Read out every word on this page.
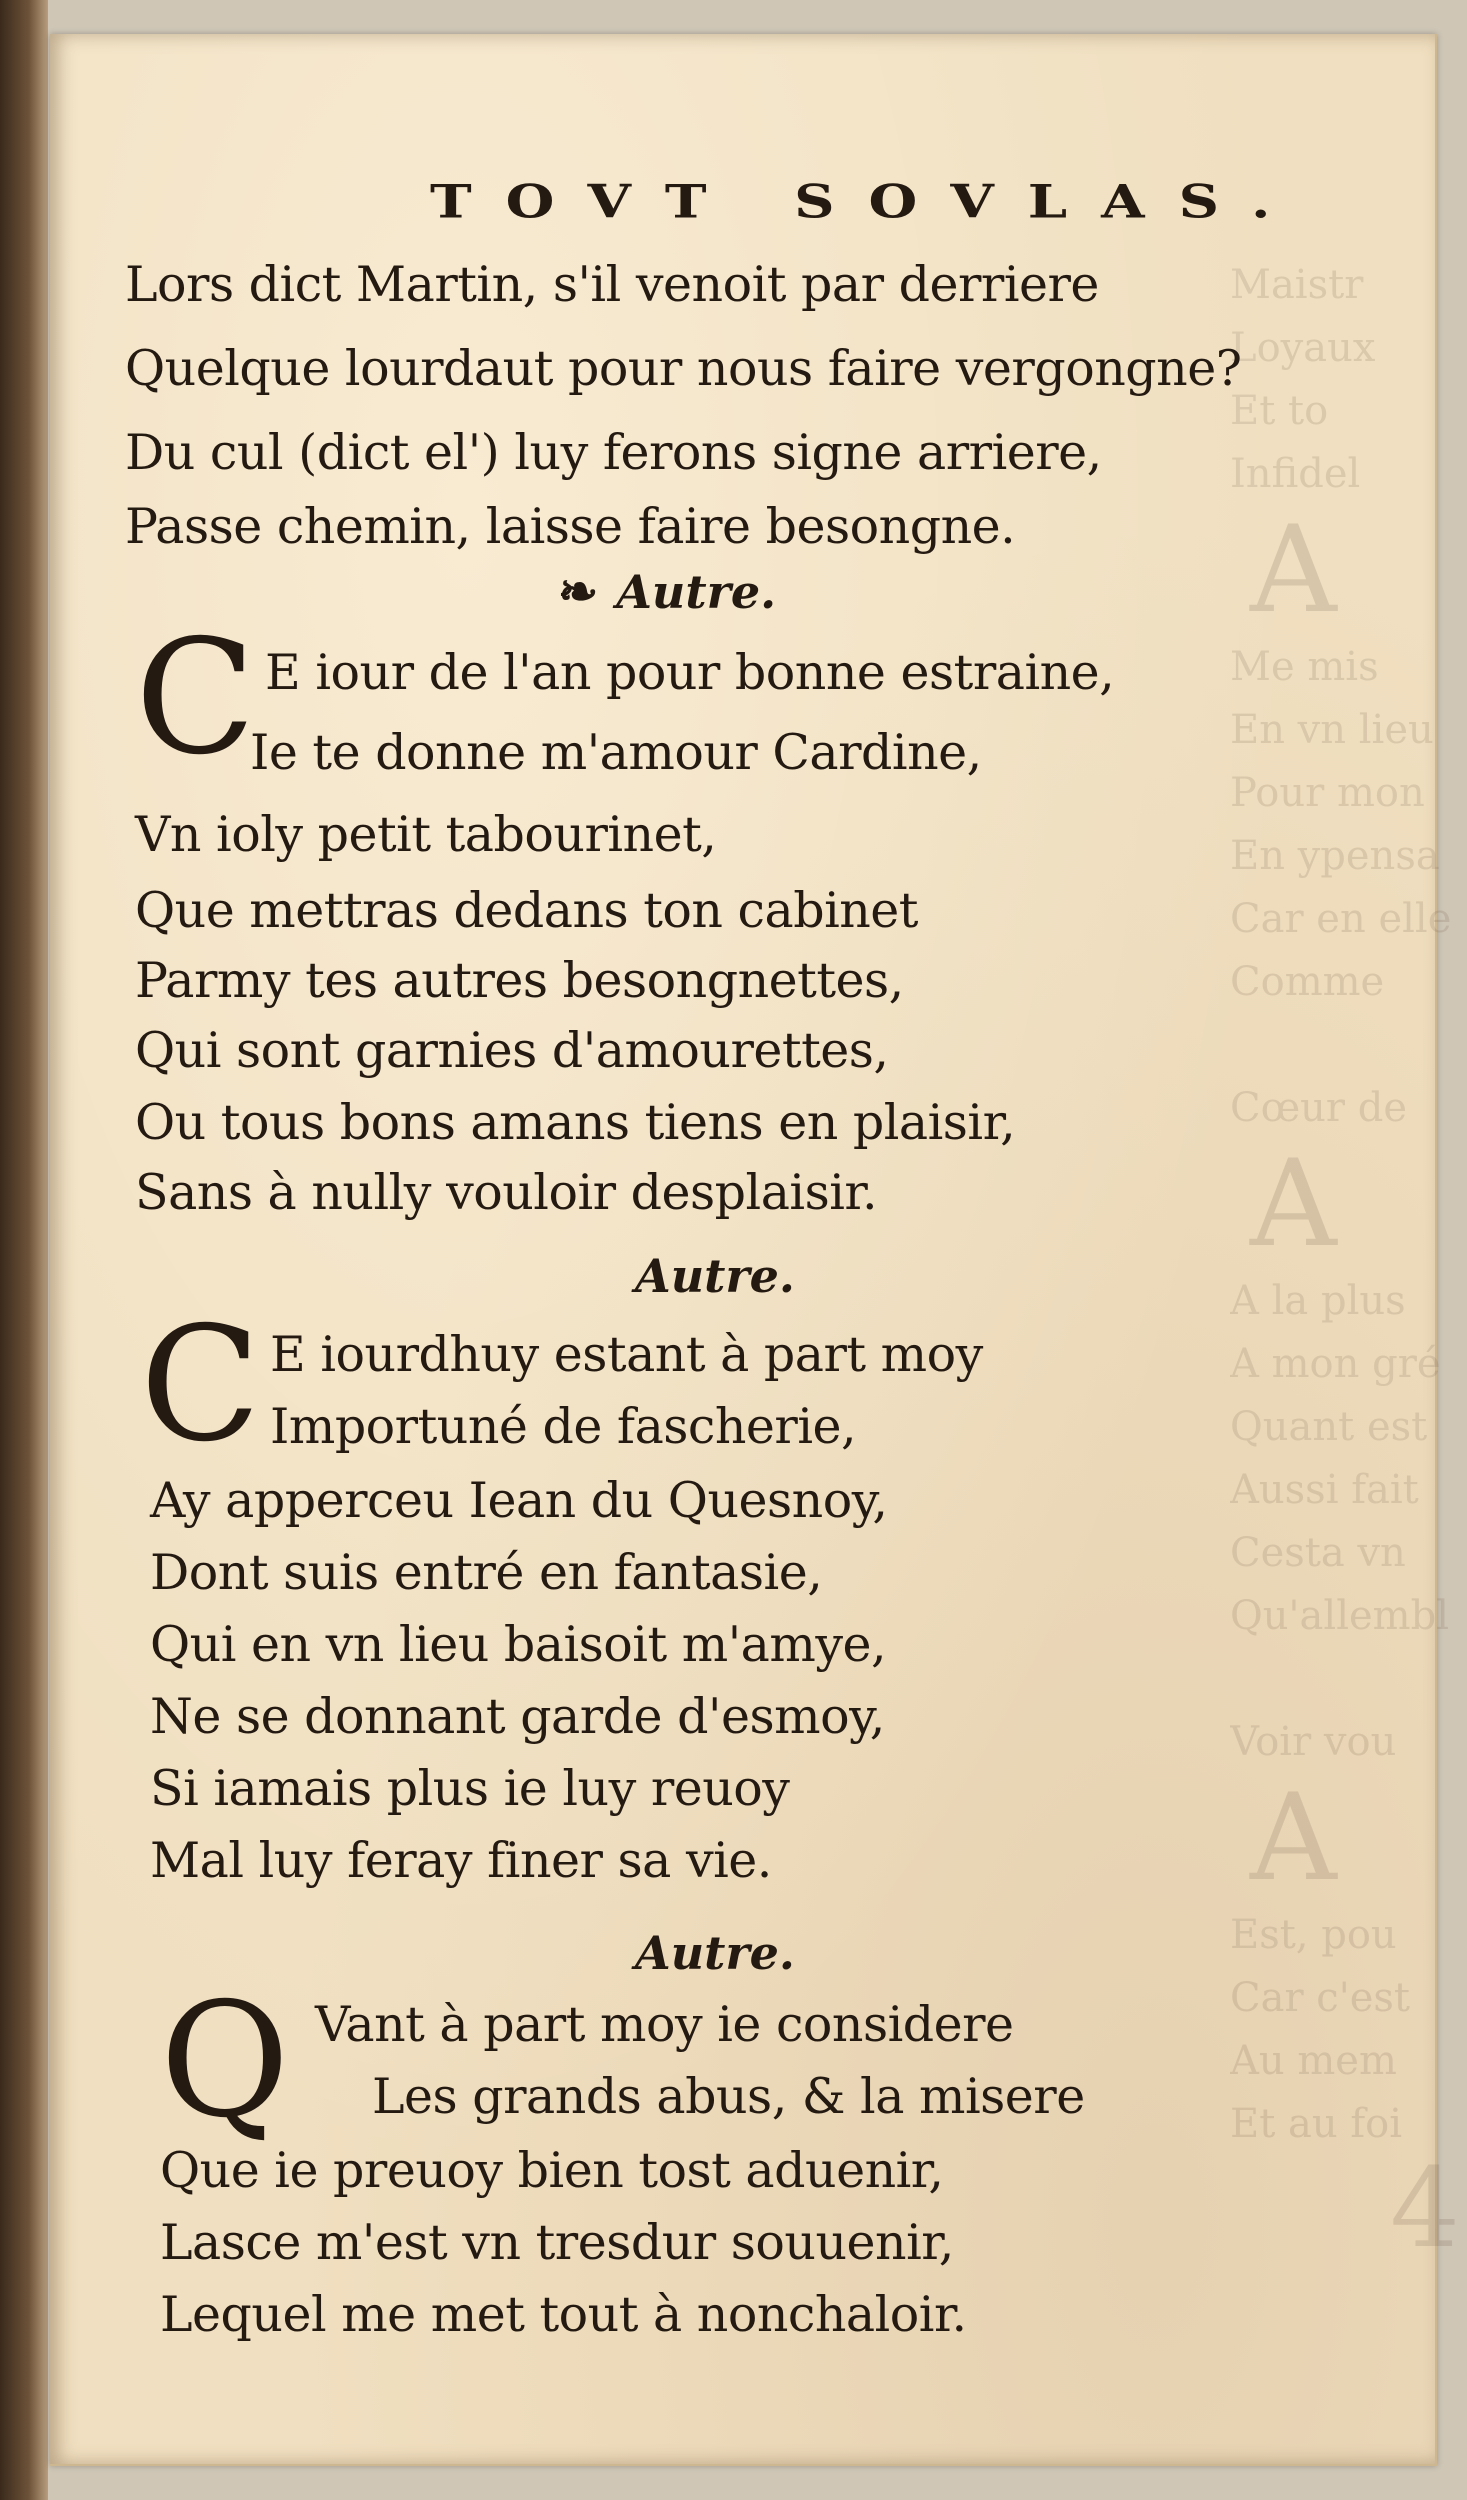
Maistr
Loyaux
Et to
Infidel
A
Me mis
En vn lieu
Pour mon
En ypensa
Car en elle
Comme

Cœur de
A
A la plus
A mon gré
Quant est
Aussi fait
Cesta vn
Qu'allembl

Voir vou
A
Est, pou
Car c'est
Au mem
Et au foi
4
TOVT SOVLAS.
Lors dict Martin, s'il venoit par derriere
Quelque lourdaut pour nous faire vergongne?
Du cul (dict el') luy ferons signe arriere,
Passe chemin, laisse faire besongne.
❧ Autre.
C E iour de l'an pour bonne estraine,
Ie te donne m'amour Cardine,
Vn ioly petit tabourinet,
Que mettras dedans ton cabinet
Parmy tes autres besongnettes,
Qui sont garnies d'amourettes,
Ou tous bons amans tiens en plaisir,
Sans à nully vouloir desplaisir.
Autre.
C E iourdhuy estant à part moy
Importuné de fascherie,
Ay apperceu Iean du Quesnoy,
Dont suis entré en fantasie,
Qui en vn lieu baisoit m'amye,
Ne se donnant garde d'esmoy,
Si iamais plus ie luy reuoy
Mal luy feray finer sa vie.
Autre.
Q Vant à part moy ie considere
Les grands abus, & la misere
Que ie preuoy bien tost aduenir,
Lasce m'est vn tresdur souuenir,
Lequel me met tout à nonchaloir.
